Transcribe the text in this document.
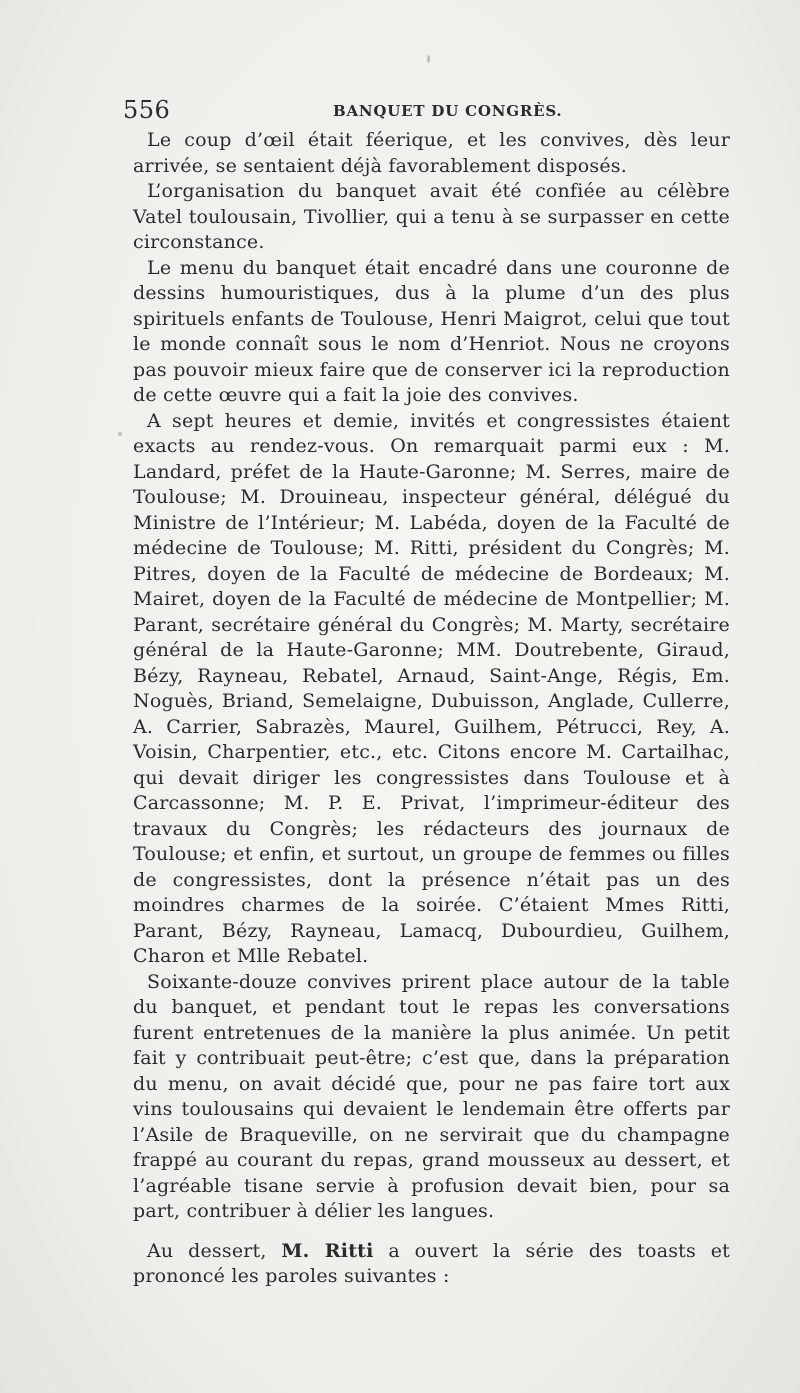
556	BANQUET DU CONGRÈS.

Le coup d’œil était féerique, et les convives, dès leur arrivée, se sentaient déjà favorablement disposés.

L’organisation du banquet avait été confiée au célèbre Vatel toulousain, Tivollier, qui a tenu à se surpasser en cette circonstance.

Le menu du banquet était encadré dans une couronne de dessins humouristiques, dus à la plume d’un des plus spirituels enfants de Toulouse, Henri Maigrot, celui que tout le monde connaît sous le nom d’Henriot. Nous ne croyons pas pouvoir mieux faire que de conserver ici la reproduction de cette œuvre qui a fait la joie des convives.

A sept heures et demie, invités et congressistes étaient exacts au rendez-vous. On remarquait parmi eux : M. Landard, préfet de la Haute-Garonne; M. Serres, maire de Toulouse; M. Drouineau, inspecteur général, délégué du Ministre de l’Intérieur; M. Labéda, doyen de la Faculté de médecine de Toulouse; M. Ritti, président du Congrès; M. Pitres, doyen de la Faculté de médecine de Bordeaux; M. Mairet, doyen de la Faculté de médecine de Montpellier; M. Parant, secrétaire général du Congrès; M. Marty, secrétaire général de la Haute-Garonne; MM. Doutrebente, Giraud, Bézy, Rayneau, Rebatel, Arnaud, Saint-Ange, Régis, Em. Noguès, Briand, Semelaigne, Dubuisson, Anglade, Cullerre, A. Carrier, Sabrazès, Maurel, Guilhem, Pétrucci, Rey, A. Voisin, Charpentier, etc., etc. Citons encore M. Cartailhac, qui devait diriger les congressistes dans Toulouse et à Carcassonne; M. P. E. Privat, l’imprimeur-éditeur des travaux du Congrès; les rédacteurs des journaux de Toulouse; et enfin, et surtout, un groupe de femmes ou filles de congressistes, dont la présence n’était pas un des moindres charmes de la soirée. C’étaient Mmes Ritti, Parant, Bézy, Rayneau, Lamacq, Dubourdieu, Guilhem, Charon et Mlle Rebatel.

Soixante-douze convives prirent place autour de la table du banquet, et pendant tout le repas les conversations furent entretenues de la manière la plus animée. Un petit fait y contribuait peut-être; c’est que, dans la préparation du menu, on avait décidé que, pour ne pas faire tort aux vins toulousains qui devaient le lendemain être offerts par l’Asile de Braqueville, on ne servirait que du champagne frappé au courant du repas, grand mousseux au dessert, et l’agréable tisane servie à profusion devait bien, pour sa part, contribuer à délier les langues.

Au dessert, M. Ritti a ouvert la série des toasts et prononcé les paroles suivantes :
